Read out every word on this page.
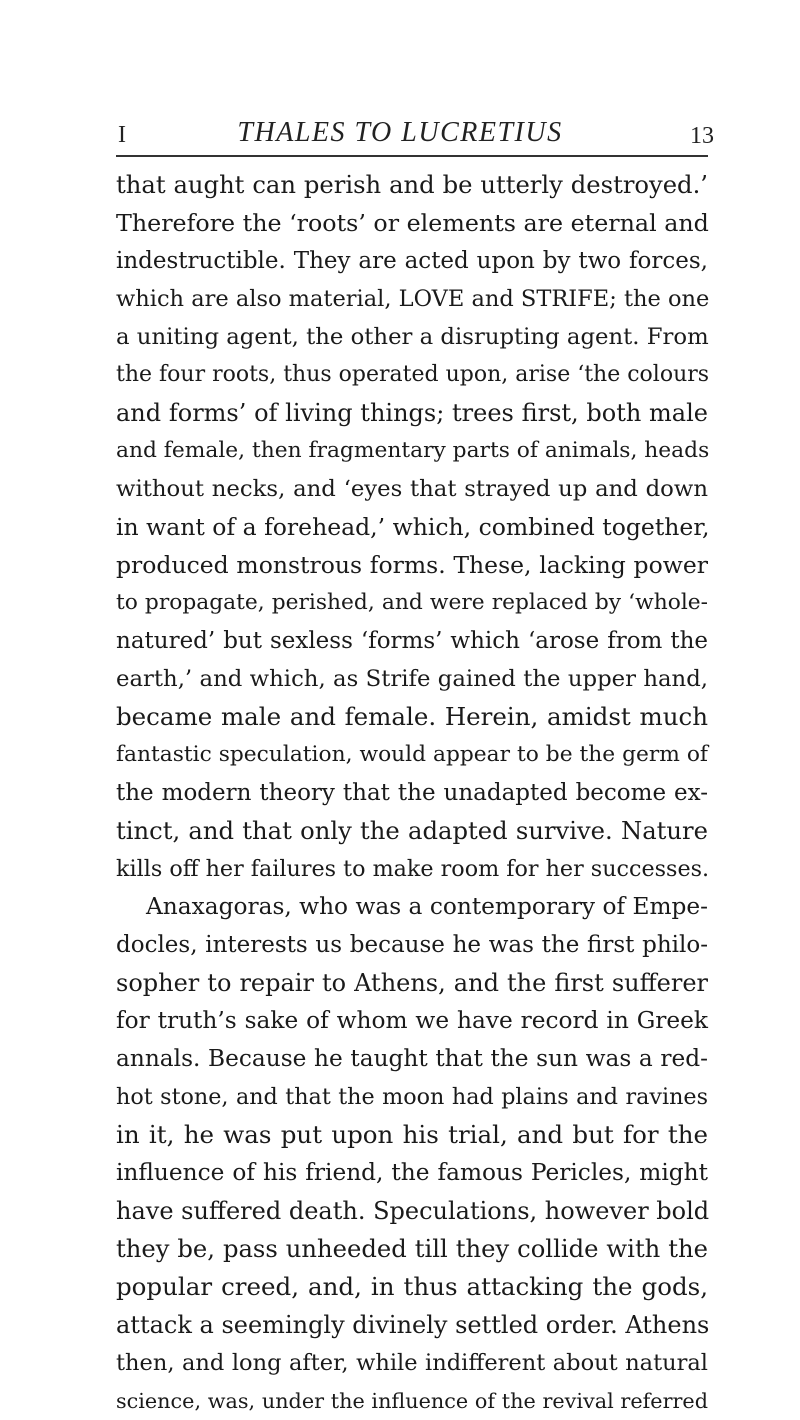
I	THALES TO LUCRETIUS	13
that aught can perish and be utterly destroyed.’
Therefore the ‘roots’ or elements are eternal and
indestructible. They are acted upon by two forces,
which are also material, LOVE and STRIFE; the one
a uniting agent, the other a disrupting agent. From
the four roots, thus operated upon, arise ‘the colours
and forms’ of living things; trees first, both male
and female, then fragmentary parts of animals, heads
without necks, and ‘eyes that strayed up and down
in want of a forehead,’ which, combined together,
produced monstrous forms. These, lacking power
to propagate, perished, and were replaced by ‘whole-
natured’ but sexless ‘forms’ which ‘arose from the
earth,’ and which, as Strife gained the upper hand,
became male and female. Herein, amidst much
fantastic speculation, would appear to be the germ of
the modern theory that the unadapted become ex-
tinct, and that only the adapted survive. Nature
kills off her failures to make room for her successes.
Anaxagoras, who was a contemporary of Empe-
docles, interests us because he was the first philo-
sopher to repair to Athens, and the first sufferer
for truth’s sake of whom we have record in Greek
annals. Because he taught that the sun was a red-
hot stone, and that the moon had plains and ravines
in it, he was put upon his trial, and but for the
influence of his friend, the famous Pericles, might
have suffered death. Speculations, however bold
they be, pass unheeded till they collide with the
popular creed, and, in thus attacking the gods,
attack a seemingly divinely settled order. Athens
then, and long after, while indifferent about natural
science, was, under the influence of the revival referred
